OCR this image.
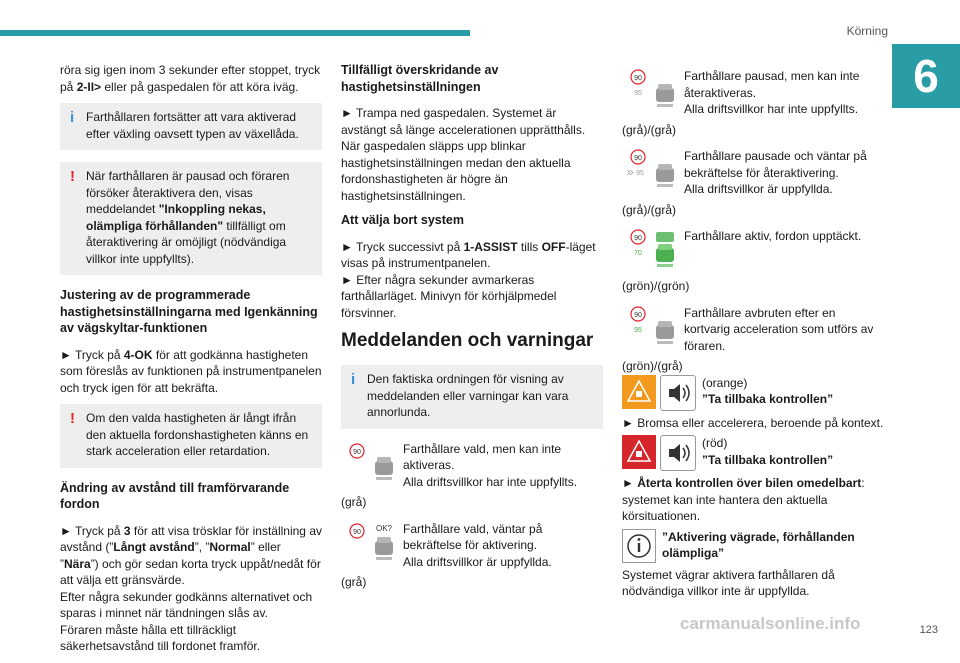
Körning
6

röra sig igen inom 3 sekunder efter stoppet, tryck på 2-II> eller på gaspedalen för att köra iväg.

i Farthållaren fortsätter att vara aktiverad efter växling oavsett typen av växellåda.
! När farthållaren är pausad och föraren försöker återaktivera den, visas meddelandet "Inkoppling nekas, olämpliga förhållanden" tillfälligt om återaktivering är omöjligt (nödvändiga villkor inte uppfyllts).
Justering av de programmerade hastighetsinställningarna med Igenkänning av vägskyltar-funktionen

► Tryck på 4-OK för att godkänna hastigheten som föreslås av funktionen på instrumentpanelen och tryck igen för att bekräfta.

! Om den valda hastigheten är långt ifrån den aktuella fordonshastigheten känns en stark acceleration eller retardation.
Ändring av avstånd till framförvarande fordon

► Tryck på 3 för att visa trösklar för inställning av avstånd (”Långt avstånd”, ”Normal” eller ”Nära”) och gör sedan korta tryck uppåt/nedåt för att välja ett gränsvärde.
Efter några sekunder godkänns alternativet och sparas i minnet när tändningen slås av.
Föraren måste hålla ett tillräckligt säkerhetsavstånd till fordonet framför.

Tillfälligt överskridande av hastighetsinställningen

► Trampa ned gaspedalen. Systemet är avstängt så länge accelerationen upprätthålls. När gaspedalen släpps upp blinkar hastighetsinställningen medan den aktuella fordonshastigheten är högre än hastighetsinställningen.

Att välja bort system

► Tryck successivt på 1-ASSIST tills OFF-läget visas på instrumentpanelen.
► Efter några sekunder avmarkeras farthållarläget. Minivyn för körhjälpmedel försvinner.

Meddelanden och varningar
i Den faktiska ordningen för visning av meddelanden eller varningar kan vara annorlunda.
90	Farthållare vald, men kan inte aktiveras.
Alla driftsvillkor har inte uppfyllts.

(grå)

90 OK? Farthållare vald, väntar på bekräftelse för aktivering.
Alla driftsvillkor är uppfyllda.

(grå)

90
95
Farthållare pausad, men kan inte återaktiveras.
Alla driftsvillkor har inte uppfyllts.

(grå)/(grå)

90
95
Farthållare pausade och väntar på bekräftelse för återaktivering.
Alla driftsvillkor är uppfyllda.

(grå)/(grå)

90
70
Farthållare aktiv, fordon upptäckt.

(grön)/(grön)

90
95
Farthållare avbruten efter en kortvarig acceleration som utförs av föraren.

(grön)/(grå)

(orange)
”Ta tillbaka kontrollen”

► Bromsa eller accelerera, beroende på kontext.

(röd)
”Ta tillbaka kontrollen”

► Återta kontrollen över bilen omedelbart: systemet kan inte hantera den aktuella körsituationen.

”Aktivering vägrade, förhållanden olämpliga”

Systemet vägrar aktivera farthållaren då nödvändiga villkor inte är uppfyllda.

carmanualsonline.info	123
